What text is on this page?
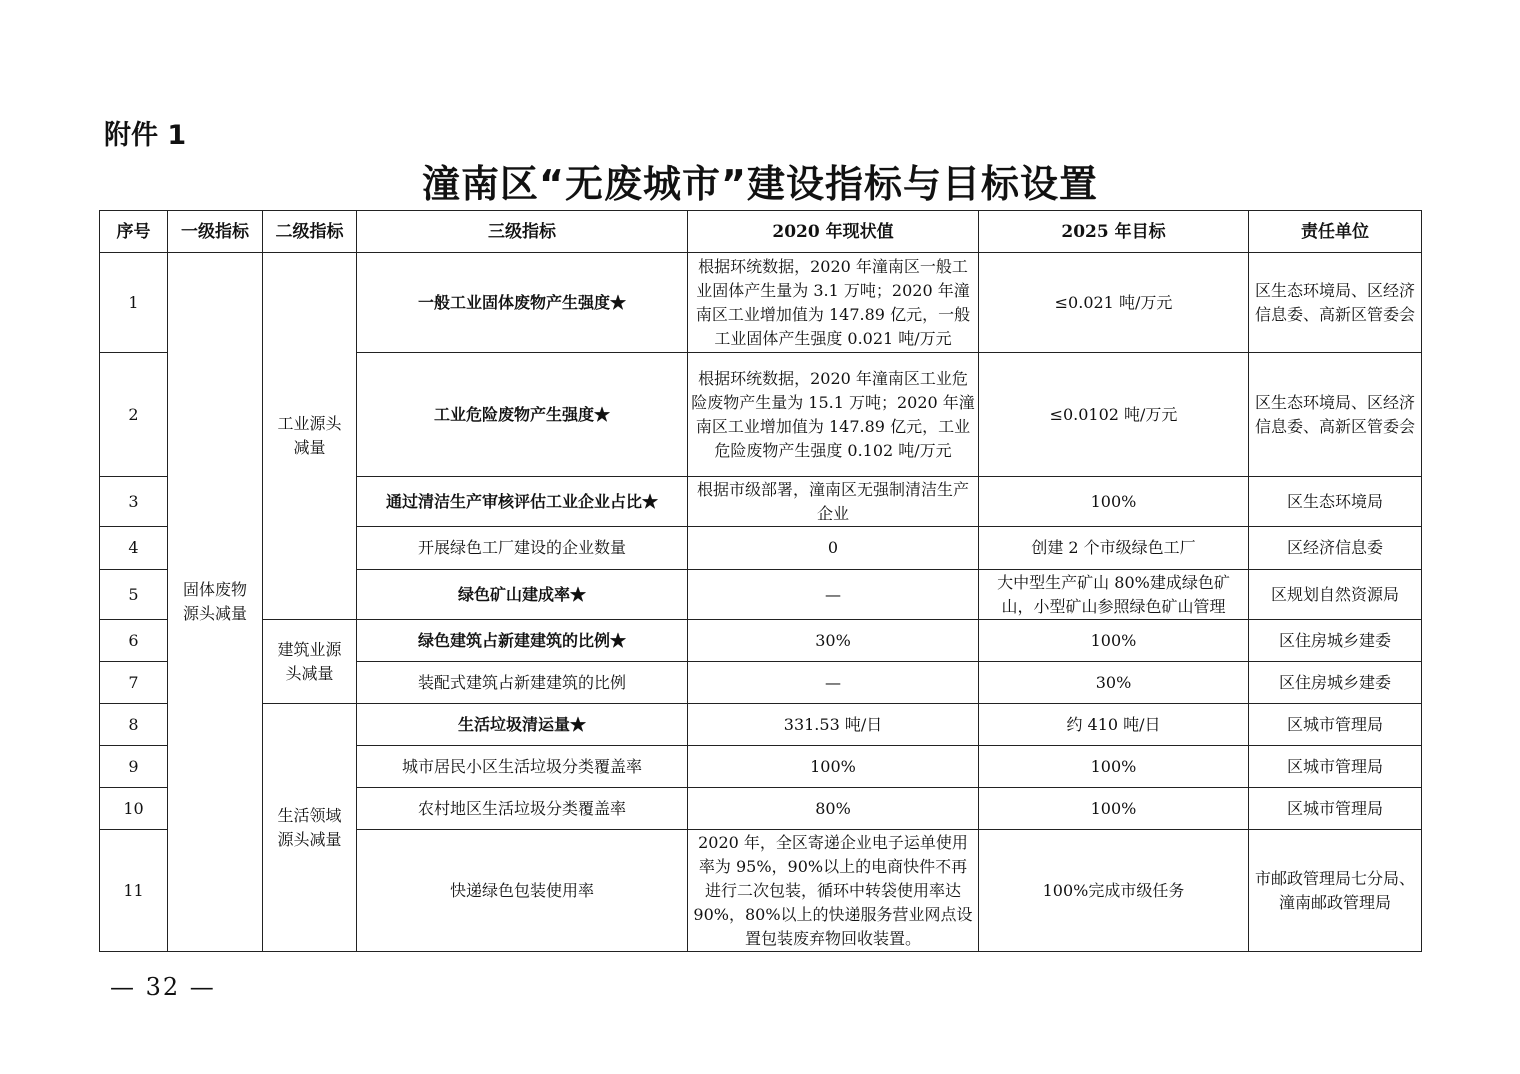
附件 1
潼南区“无废城市”建设指标与目标设置
序号	一级指标	二级指标	三级指标	2020 年现状值	2025 年目标	责任单位
1	固体废物源头减量	工业源头减量	一般工业固体废物产生强度★	根据环统数据，2020 年潼南区一般工业固体产生量为 3.1 万吨；2020 年潼南区工业增加值为 147.89 亿元，一般工业固体产生强度 0.021 吨/万元	≤0.021 吨/万元	区生态环境局、区经济信息委、高新区管委会
2			工业危险废物产生强度★	根据环统数据，2020 年潼南区工业危险废物产生量为 15.1 万吨；2020 年潼南区工业增加值为 147.89 亿元，工业危险废物产生强度 0.102 吨/万元	≤0.0102 吨/万元	区生态环境局、区经济信息委、高新区管委会
3			通过清洁生产审核评估工业企业占比★	根据市级部署，潼南区无强制清洁生产企业	100%	区生态环境局
4			开展绿色工厂建设的企业数量	0	创建 2 个市级绿色工厂	区经济信息委
5			绿色矿山建成率★	—	大中型生产矿山 80%建成绿色矿山，小型矿山参照绿色矿山管理	区规划自然资源局
6		建筑业源头减量	绿色建筑占新建建筑的比例★	30%	100%	区住房城乡建委
7			装配式建筑占新建建筑的比例	—	30%	区住房城乡建委
8		生活领域源头减量	生活垃圾清运量★	331.53 吨/日	约 410 吨/日	区城市管理局
9			城市居民小区生活垃圾分类覆盖率	100%	100%	区城市管理局
10			农村地区生活垃圾分类覆盖率	80%	100%	区城市管理局
11			快递绿色包装使用率	2020 年，全区寄递企业电子运单使用率为 95%，90%以上的电商快件不再进行二次包装，循环中转袋使用率达 90%，80%以上的快递服务营业网点设置包装废弃物回收装置。	100%完成市级任务	市邮政管理局七分局、潼南邮政管理局
— 32 —
